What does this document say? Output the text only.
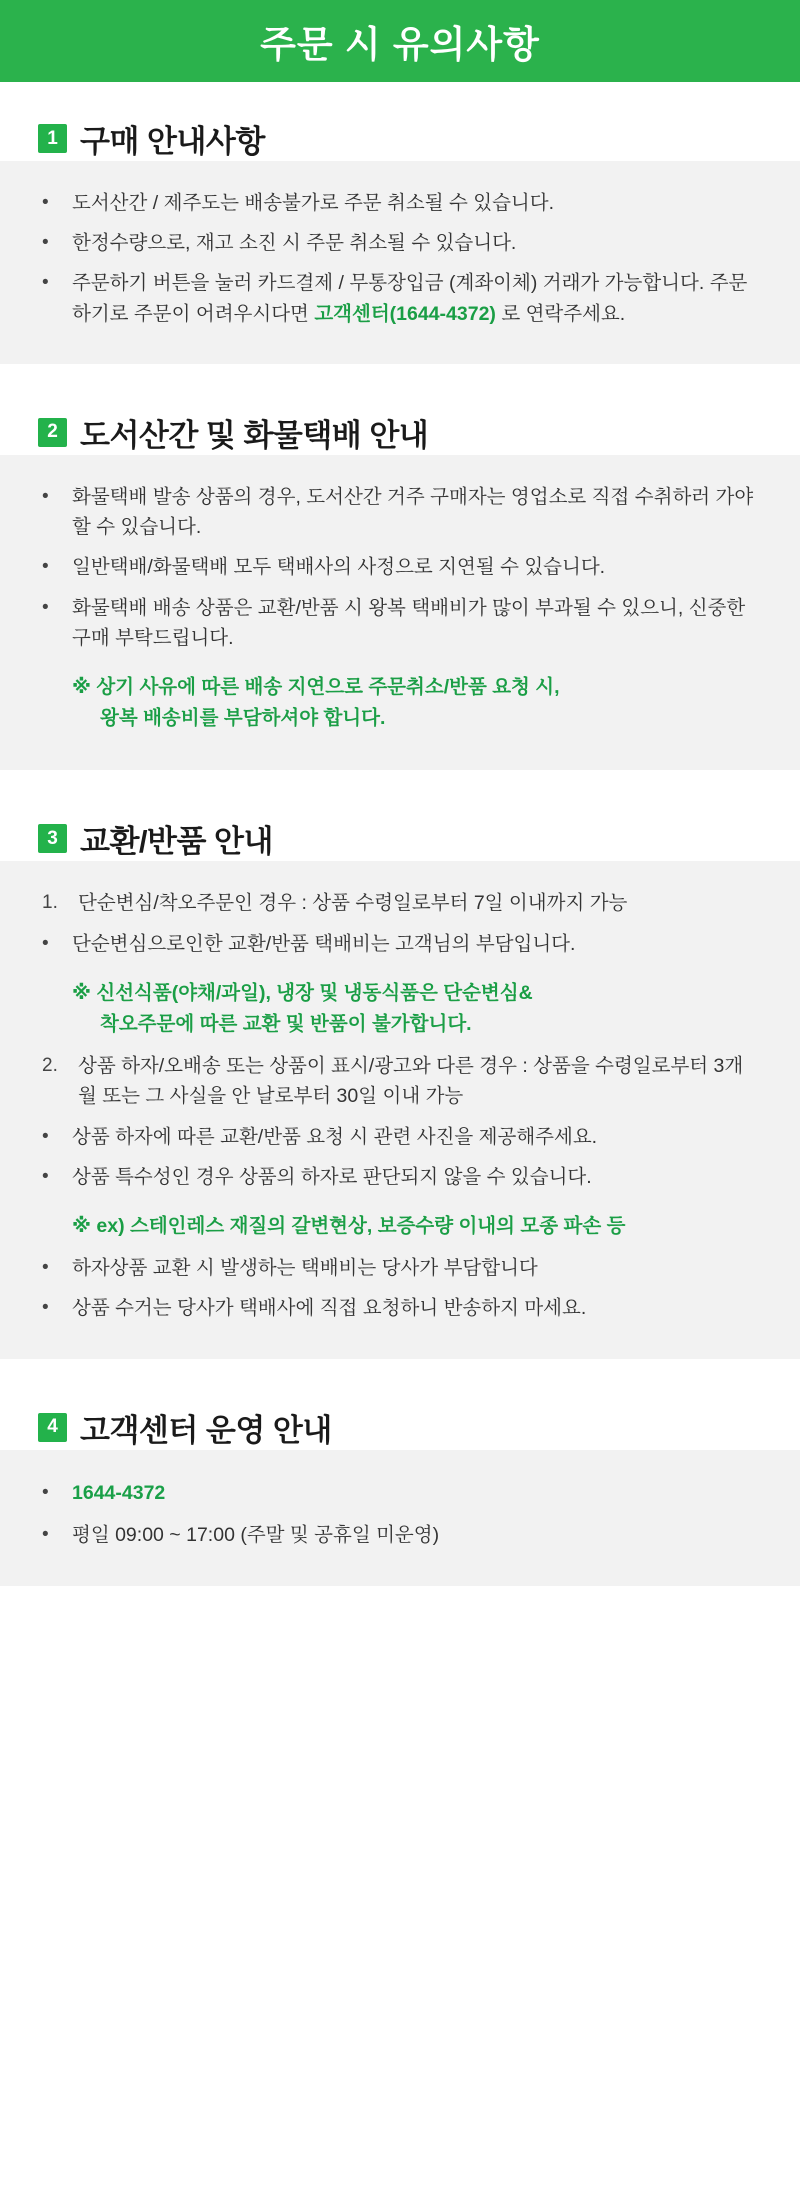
주문 시 유의사항
1 구매 안내사항
•	도서산간 / 제주도는 배송불가로 주문 취소될 수 있습니다.
•	한정수량으로, 재고 소진 시 주문 취소될 수 있습니다.
•	주문하기 버튼을 눌러 카드결제 / 무통장입금 (계좌이체) 거래가 가능합니다. 주문하기로 주문이 어려우시다면 고객센터(1644-4372) 로 연락주세요.
2 도서산간 및 화물택배 안내
•	화물택배 발송 상품의 경우, 도서산간 거주 구매자는 영업소로 직접 수취하러 가야할 수 있습니다.
•	일반택배/화물택배 모두 택배사의 사정으로 지연될 수 있습니다.
•	화물택배 배송 상품은 교환/반품 시 왕복 택배비가 많이 부과될 수 있으니, 신중한 구매 부탁드립니다.
※ 상기 사유에 따른 배송 지연으로 주문취소/반품 요청 시,
왕복 배송비를 부담하셔야 합니다.
3 교환/반품 안내
1.	단순변심/착오주문인 경우 : 상품 수령일로부터 7일 이내까지 가능
•	단순변심으로인한 교환/반품 택배비는 고객님의 부담입니다.
※ 신선식품(야채/과일), 냉장 및 냉동식품은 단순변심&
착오주문에 따른 교환 및 반품이 불가합니다.
2.	상품 하자/오배송 또는 상품이 표시/광고와 다른 경우 : 상품을 수령일로부터 3개월 또는 그 사실을 안 날로부터 30일 이내 가능
•	상품 하자에 따른 교환/반품 요청 시 관련 사진을 제공해주세요.
•	상품 특수성인 경우 상품의 하자로 판단되지 않을 수 있습니다.
※ ex) 스테인레스 재질의 갈변현상, 보증수량 이내의 모종 파손 등
•	하자상품 교환 시 발생하는 택배비는 당사가 부담합니다
•	상품 수거는 당사가 택배사에 직접 요청하니 반송하지 마세요.
4 고객센터 운영 안내
•	1644-4372
•	평일 09:00 ~ 17:00 (주말 및 공휴일 미운영)
